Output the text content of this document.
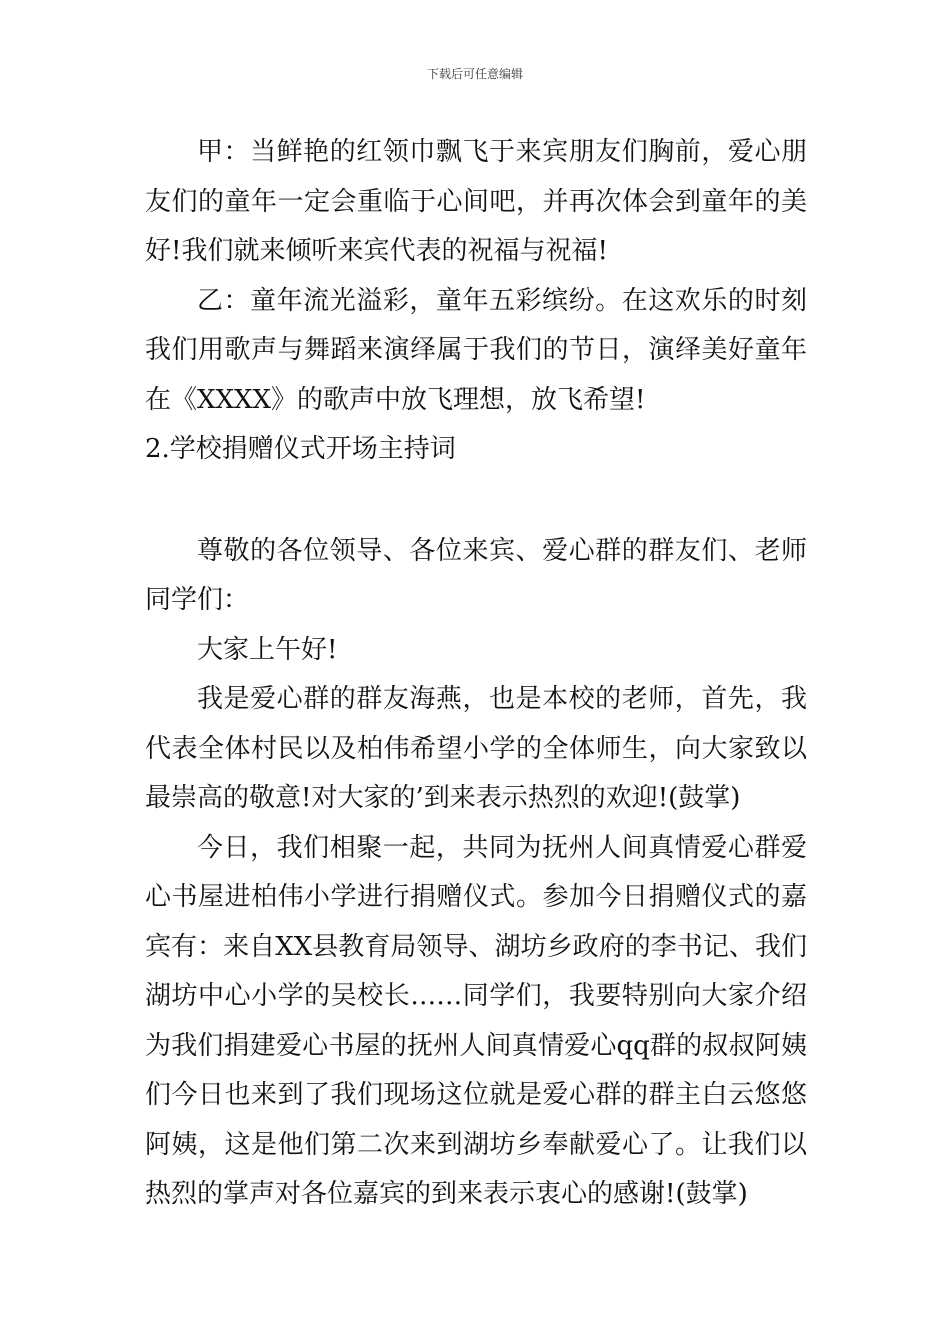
下载后可任意编辑

甲：当鲜艳的红领巾飘飞于来宾朋友们胸前，爱心朋友们的童年一定会重临于心间吧，并再次体会到童年的美好!我们就来倾听来宾代表的祝福与祝福!

乙：童年流光溢彩，童年五彩缤纷。在这欢乐的时刻我们用歌声与舞蹈来演绎属于我们的节日，演绎美好童年在《XXXX》的歌声中放飞理想，放飞希望!

2.学校捐赠仪式开场主持词

尊敬的各位领导、各位来宾、爱心群的群友们、老师同学们：

大家上午好!

我是爱心群的群友海燕，也是本校的老师，首先，我代表全体村民以及柏伟希望小学的全体师生，向大家致以最崇高的敬意!对大家的’到来表示热烈的欢迎!(鼓掌)

今日，我们相聚一起，共同为抚州人间真情爱心群爱心书屋进柏伟小学进行捐赠仪式。参加今日捐赠仪式的嘉宾有：来自XX县教育局领导、湖坊乡政府的李书记、我们湖坊中心小学的吴校长……同学们，我要特别向大家介绍为我们捐建爱心书屋的抚州人间真情爱心qq群的叔叔阿姨们今日也来到了我们现场这位就是爱心群的群主白云悠悠阿姨，这是他们第二次来到湖坊乡奉献爱心了。让我们以热烈的掌声对各位嘉宾的到来表示衷心的感谢!(鼓掌)
